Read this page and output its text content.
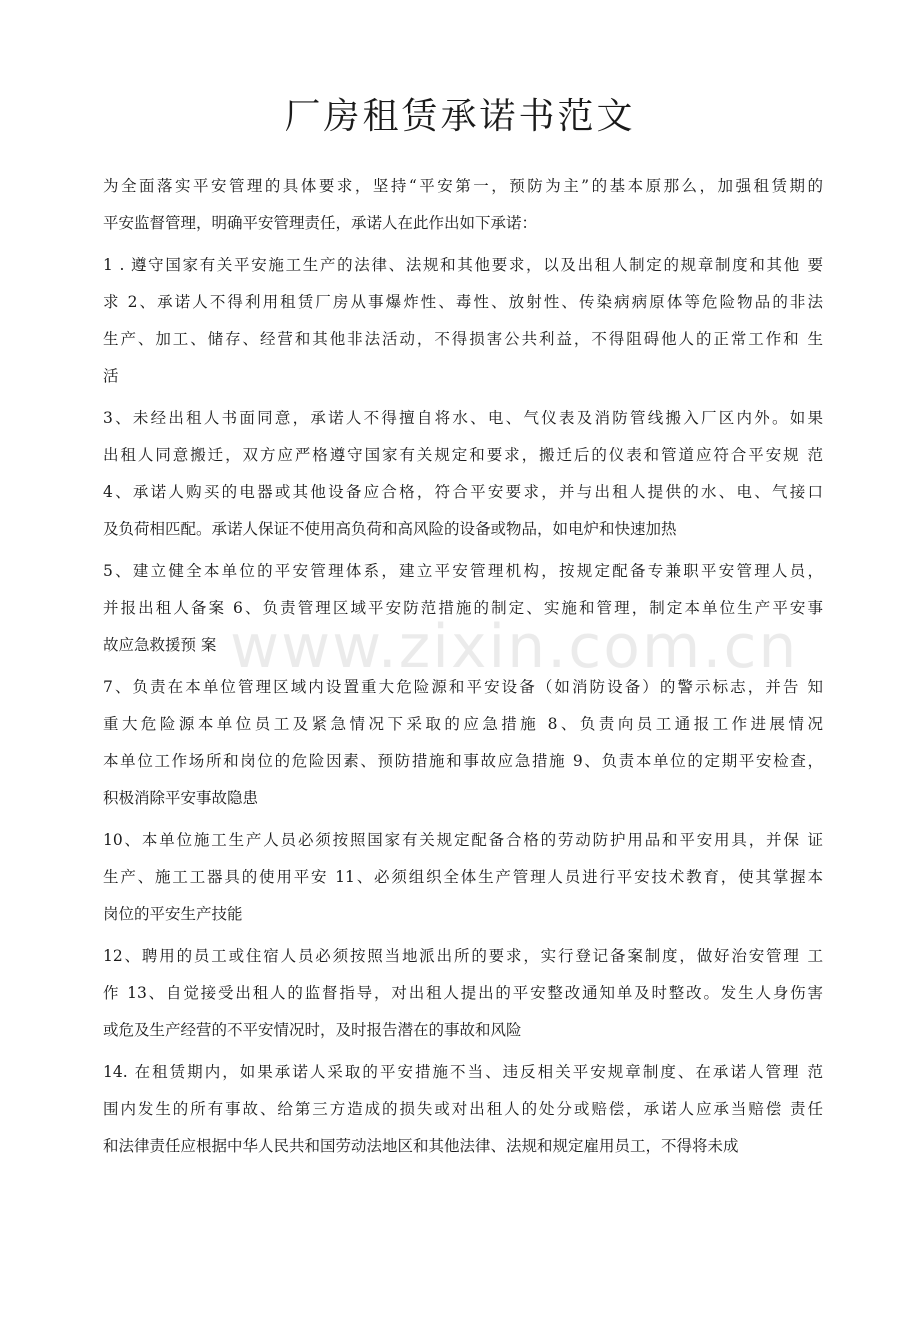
厂房租赁承诺书范文
为全面落实平安管理的具体要求，坚持“平安第一，预防为主”的基本原那么，加强租赁期的
平安监督管理，明确平安管理责任，承诺人在此作出如下承诺：
1 . 遵守国家有关平安施工生产的法律、法规和其他要求，以及出租人制定的规章制度和其他 要
求 2、承诺人不得利用租赁厂房从事爆炸性、毒性、放射性、传染病病原体等危险物品的非法
生产、加工、储存、经营和其他非法活动，不得损害公共利益，不得阻碍他人的正常工作和 生
活
3、未经出租人书面同意，承诺人不得擅自将水、电、气仪表及消防管线搬入厂区内外。如果
出租人同意搬迁，双方应严格遵守国家有关规定和要求，搬迁后的仪表和管道应符合平安规 范
4、承诺人购买的电器或其他设备应合格，符合平安要求，并与出租人提供的水、电、气接口
及负荷相匹配。承诺人保证不使用高负荷和高风险的设备或物品，如电炉和快速加热
5、建立健全本单位的平安管理体系，建立平安管理机构，按规定配备专兼职平安管理人员，
并报出租人备案 6、负责管理区域平安防范措施的制定、实施和管理，制定本单位生产平安事
故应急救援预 案
7、负责在本单位管理区域内设置重大危险源和平安设备（如消防设备）的警示标志，并告 知
重大危险源本单位员工及紧急情况下采取的应急措施 8、负责向员工通报工作进展情况
本单位工作场所和岗位的危险因素、预防措施和事故应急措施 9、负责本单位的定期平安检查，
积极消除平安事故隐患
10、本单位施工生产人员必须按照国家有关规定配备合格的劳动防护用品和平安用具，并保 证
生产、施工工器具的使用平安 11、必须组织全体生产管理人员进行平安技术教育，使其掌握本
岗位的平安生产技能
12、聘用的员工或住宿人员必须按照当地派出所的要求，实行登记备案制度，做好治安管理 工
作 13、自觉接受出租人的监督指导，对出租人提出的平安整改通知单及时整改。发生人身伤害
或危及生产经营的不平安情况时，及时报告潜在的事故和风险
14. 在租赁期内，如果承诺人采取的平安措施不当、违反相关平安规章制度、在承诺人管理 范
围内发生的所有事故、给第三方造成的损失或对出租人的处分或赔偿，承诺人应承当赔偿 责任
和法律责任应根据中华人民共和国劳动法地区和其他法律、法规和规定雇用员工，不得将未成
www.zixin.com.cn
